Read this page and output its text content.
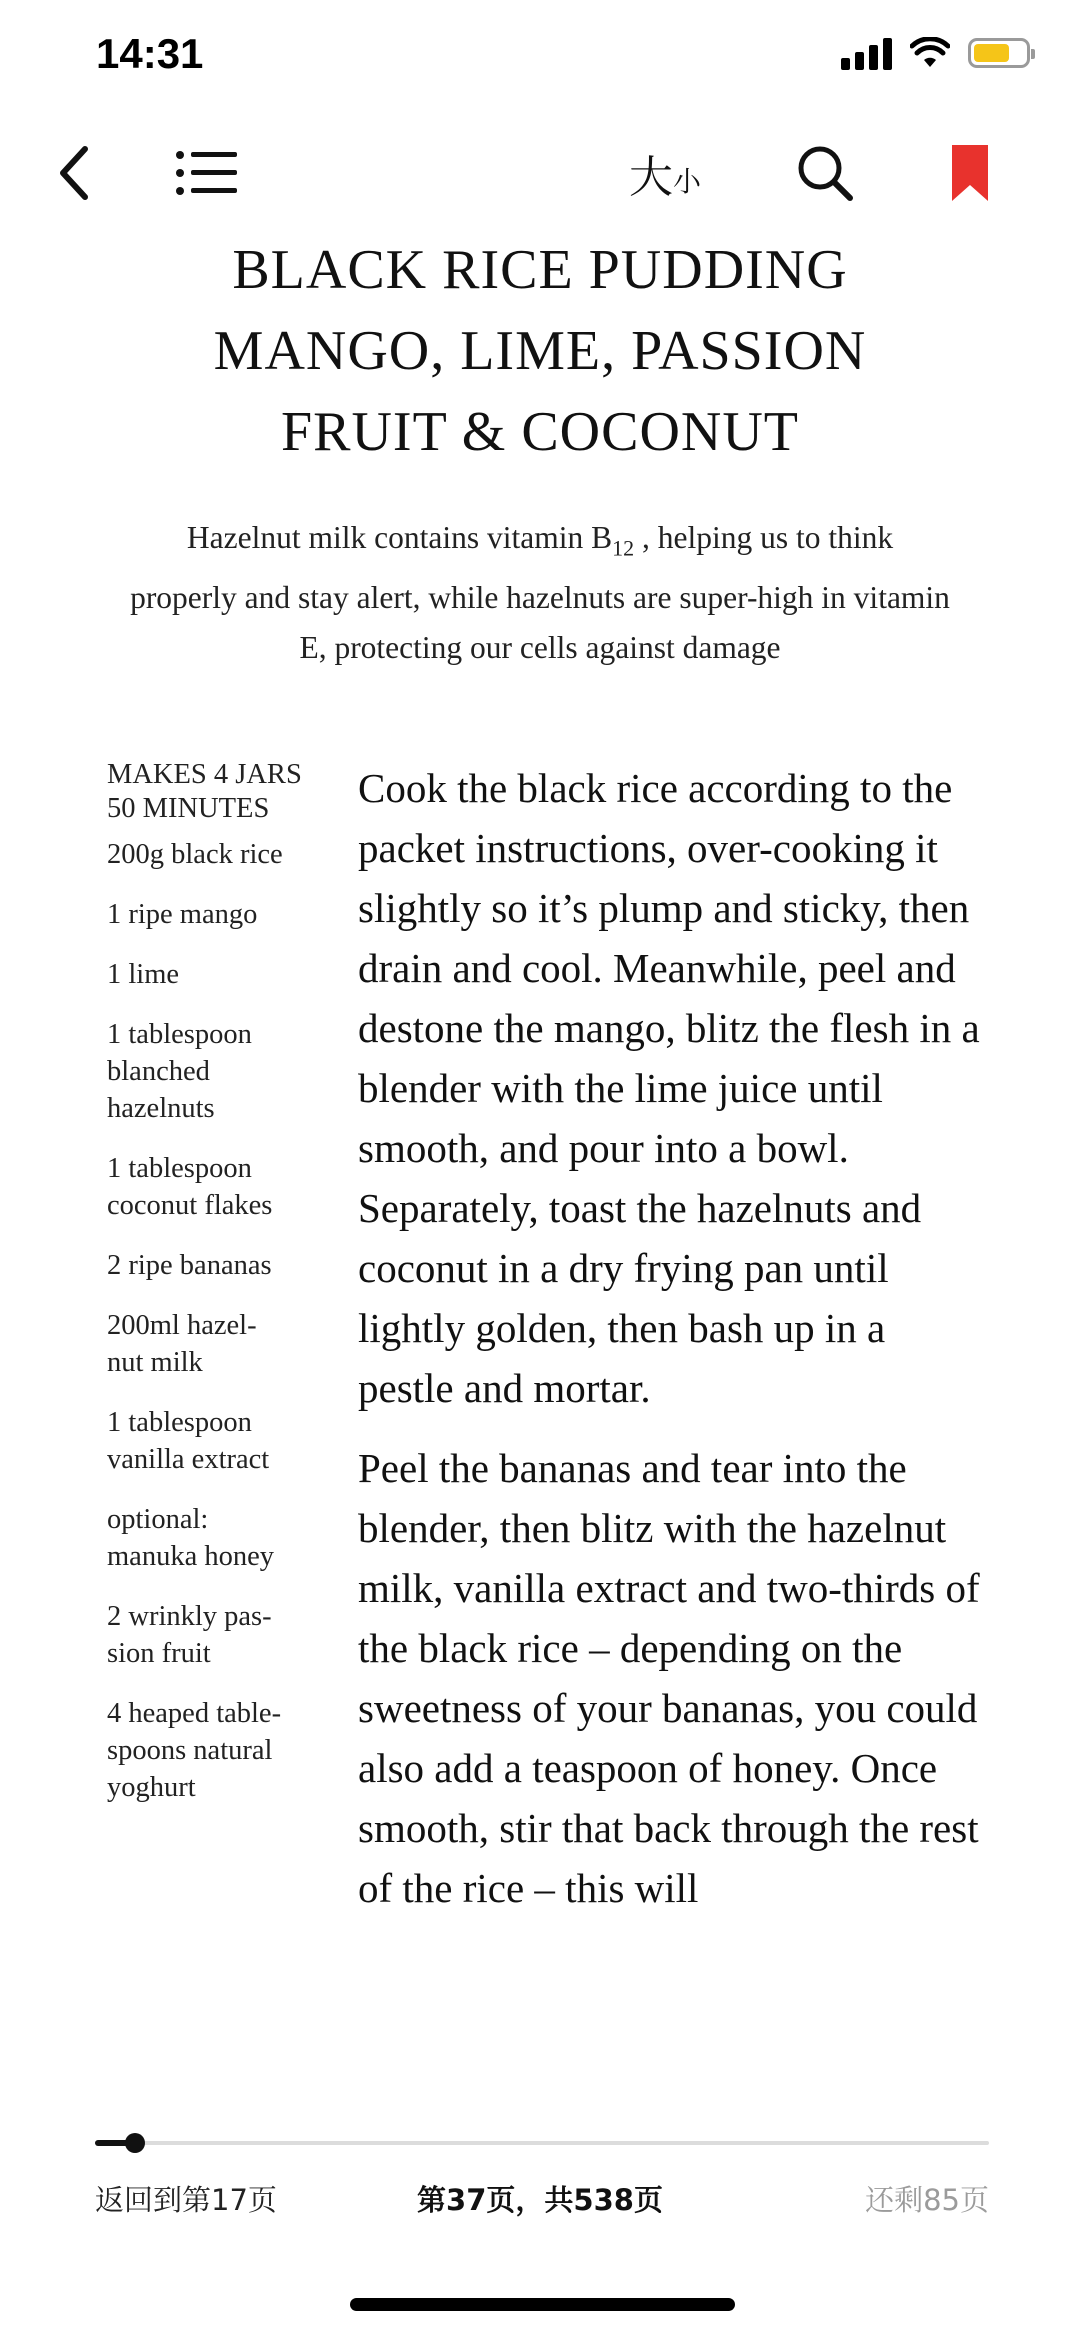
14:31
大 小
BLACK RICE PUDDING
MANGO, LIME, PASSION
FRUIT & COCONUT
Hazelnut milk contains vitamin $B_{12}$ , helping us to think properly and stay alert, while hazelnuts are super-high in vitamin E, protecting our cells against damage
MAKES 4 JARS
50 MINUTES
200g black rice
1 ripe mango
1 lime
1 tablespoon
blanched
hazelnuts
1 tablespoon
coconut flakes
2 ripe bananas
200ml hazel-
nut milk
1 tablespoon
vanilla extract
optional:
manuka honey
2 wrinkly pas-
sion fruit
4 heaped table-
spoons natural
yoghurt

Cook the black rice according to the packet instructions, over-cooking it slightly so it’s plump and sticky, then drain and cool. Meanwhile, peel and destone the mango, blitz the flesh in a blender with the lime juice until smooth, and pour into a bowl. Separately, toast the hazelnuts and coconut in a dry frying pan until lightly golden, then bash up in a pestle and mortar.

Peel the bananas and tear into the blender, then blitz with the hazelnut milk, vanilla extract and two-thirds of the black rice – depending on the sweetness of your bananas, you could also add a teaspoon of honey. Once smooth, stir that back through the rest of the rice – this will

返回到第17页	第37页，共538页	还剩85页
